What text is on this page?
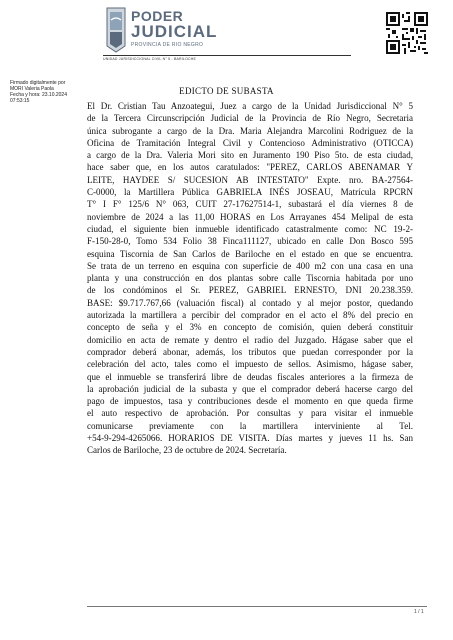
PODER
JUDICIAL
PROVINCIA DE RIO NEGRO
UNIDAD JURISDICCIONAL CIVIL N° 5 - BARILOCHE
Firmado digitalmente por
MORI Valeria Paola
Fecha y hora: 23.10.2024
07:53:15
EDICTO DE SUBASTA
El Dr. Cristian Tau Anzoategui, Juez a cargo de la Unidad Jurisdiccional N° 5
de la Tercera Circunscripción Judicial de la Provincia de Río Negro, Secretaria
única subrogante a cargo de la Dra. Maria Alejandra Marcolini Rodriguez de la
Oficina de Tramitación Integral Civil y Contencioso Administrativo (OTICCA)
a cargo de la Dra. Valeria Mori sito en Juramento 190 Piso 5to. de esta ciudad,
hace saber que, en los autos caratulados: "PEREZ, CARLOS ABENAMAR Y
LEITE, HAYDEE S/ SUCESION AB INTESTATO" Expte. nro. BA-27564-
C-0000, la Martillera Pública GABRIELA INÉS JOSEAU, Matrícula RPCRN
T° I F° 125/6 N° 063, CUIT 27-17627514-1, subastará el día viernes 8 de
noviembre de 2024 a las 11,00 HORAS en Los Arrayanes 454 Melipal de esta
ciudad, el siguiente bien inmueble identificado catastralmente como: NC 19-2-
F-150-28-0, Tomo 534 Folio 38 Finca111127, ubicado en calle Don Bosco 595
esquina Tiscornia de San Carlos de Bariloche en el estado en que se encuentra.
Se trata de un terreno en esquina con superficie de 400 m2 con una casa en una
planta y una construcción en dos plantas sobre calle Tiscornia habitada por uno
de los condóminos el Sr. PEREZ, GABRIEL ERNESTO, DNI 20.238.359.
BASE: $9.717.767,66 (valuación fiscal) al contado y al mejor postor, quedando
autorizada la martillera a percibir del comprador en el acto el 8% del precio en
concepto de seña y el 3% en concepto de comisión, quien deberá constituir
domicilio en acta de remate y dentro el radio del Juzgado. Hágase saber que el
comprador deberá abonar, además, los tributos que puedan corresponder por la
celebración del acto, tales como el impuesto de sellos. Asimismo, hágase saber,
que el inmueble se transferirá libre de deudas fiscales anteriores a la firmeza de
la aprobación judicial de la subasta y que el comprador deberá hacerse cargo del
pago de impuestos, tasa y contribuciones desde el momento en que queda firme
el auto respectivo de aprobación. Por consultas y para visitar el inmueble
comunicarse previamente con la martillera interviniente al Tel.
+54-9-294-4265066. HORARIOS DE VISITA. Días martes y jueves 11 hs. San
Carlos de Bariloche, 23 de octubre de 2024. Secretaría.
1 / 1
